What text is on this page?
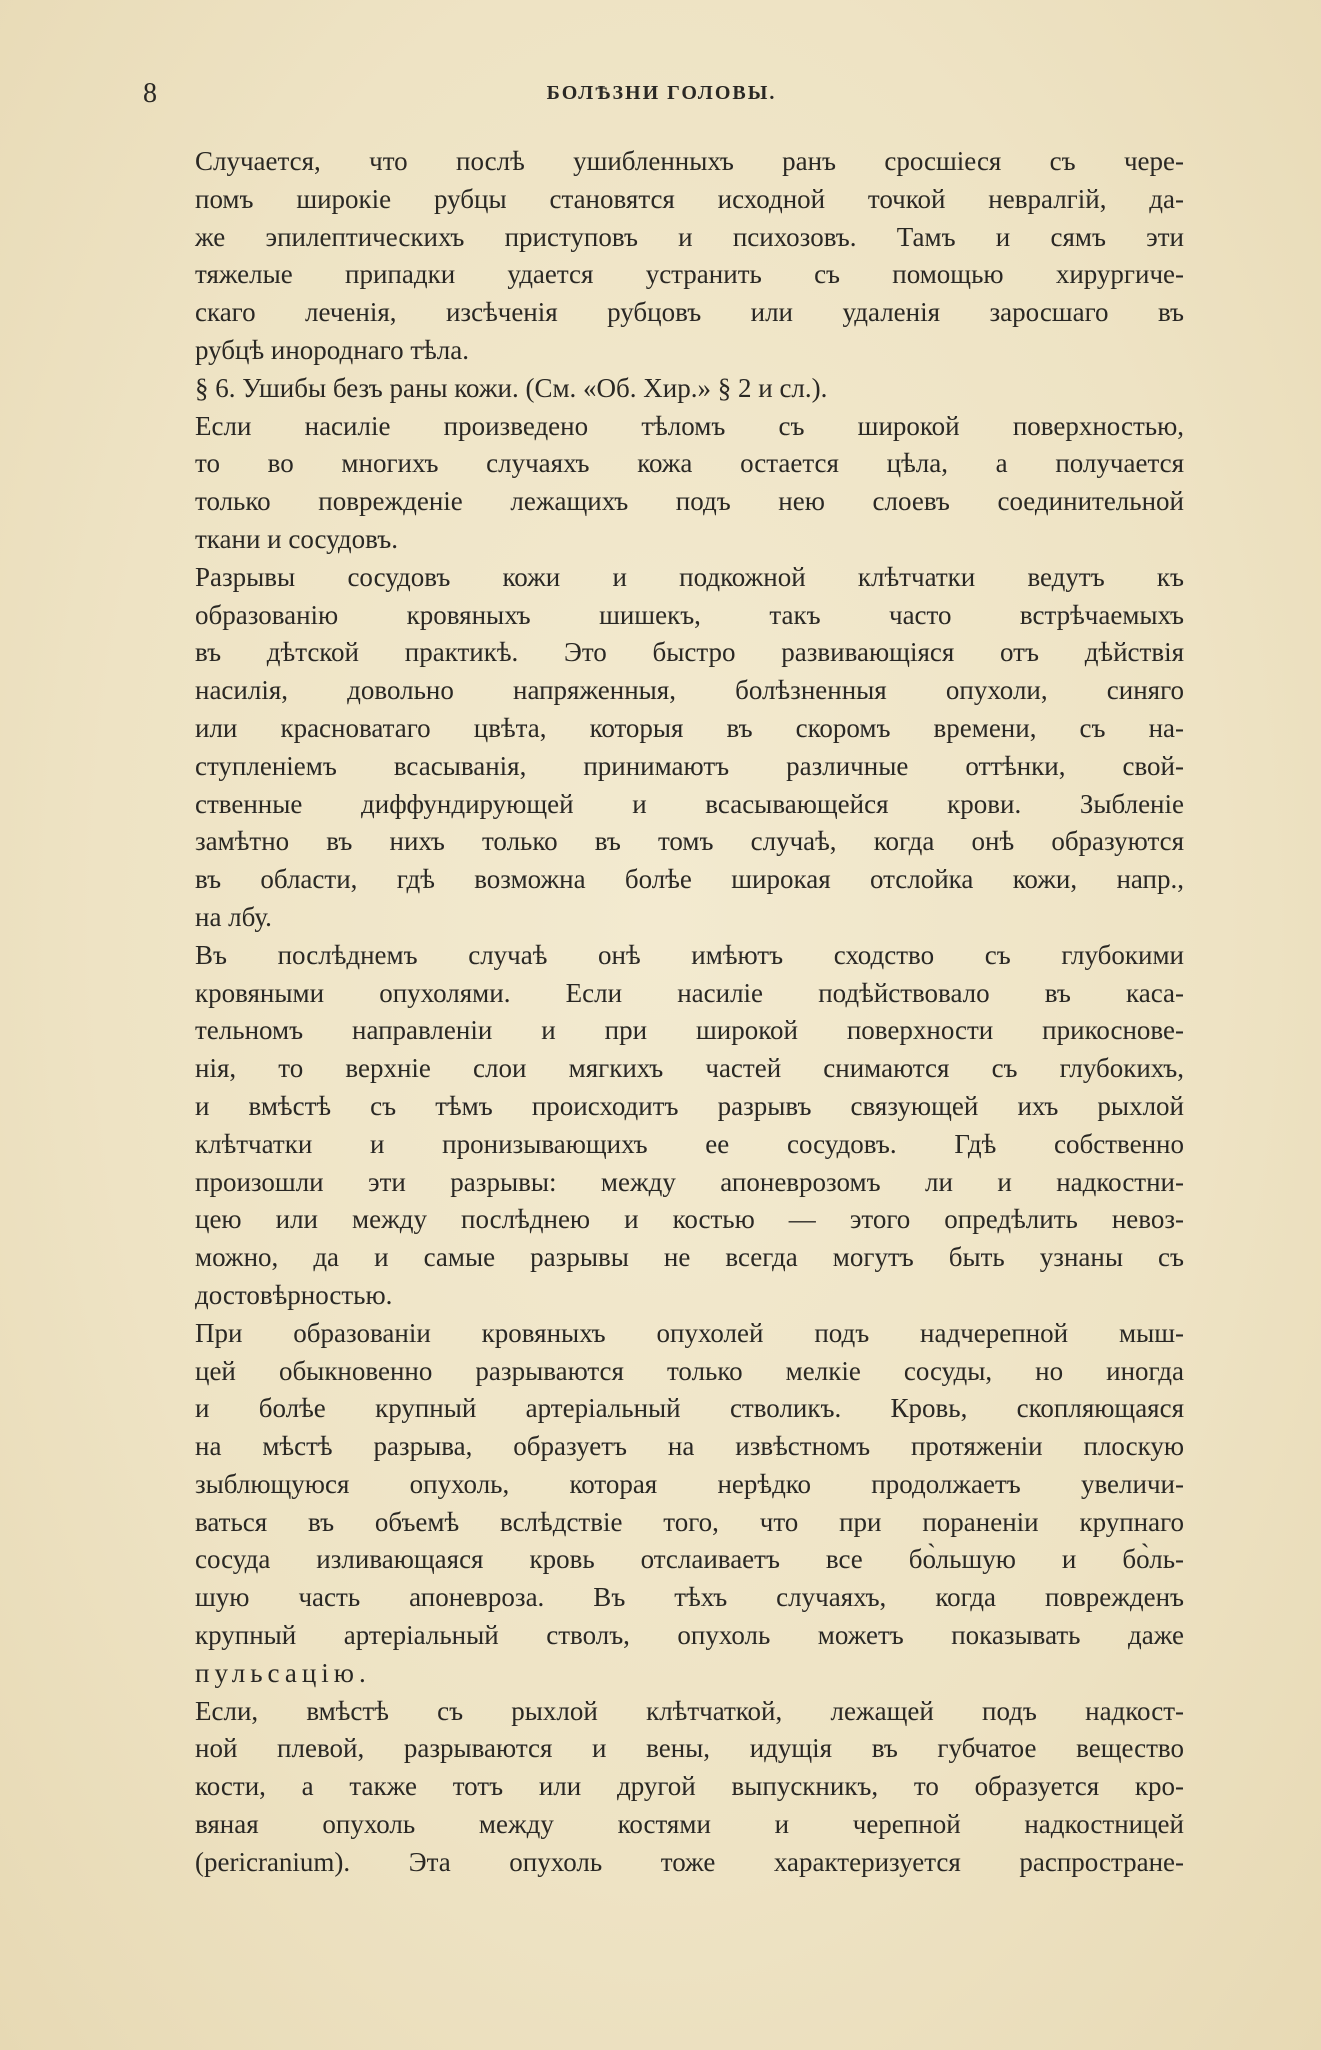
8	БОЛѢЗНИ ГОЛОВЫ.
Случается, что послѣ ушибленныхъ ранъ сросшіеся съ чере-
помъ широкіе рубцы становятся исходной точкой невралгій, да-
же эпилептическихъ приступовъ и психозовъ. Тамъ и сямъ эти
тяжелые припадки удается устранить съ помощью хирургиче-
скаго леченія, изсѣченія рубцовъ или удаленія заросшаго въ
рубцѣ инороднаго тѣла.
§ 6. Ушибы безъ раны кожи. (См. «Об. Хир.» § 2 и сл.).
Если насиліе произведено тѣломъ съ широкой поверхностью,
то во многихъ случаяхъ кожа остается цѣла, а получается
только поврежденіе лежащихъ подъ нею слоевъ соединительной
ткани и сосудовъ.
Разрывы сосудовъ кожи и подкожной клѣтчатки ведутъ къ
образованію кровяныхъ шишекъ, такъ часто встрѣчаемыхъ
въ дѣтской практикѣ. Это быстро развивающіяся отъ дѣйствія
насилія, довольно напряженныя, болѣзненныя опухоли, синяго
или красноватаго цвѣта, которыя въ скоромъ времени, съ на-
ступленіемъ всасыванія, принимаютъ различные оттѣнки, свой-
ственные диффундирующей и всасывающейся крови. Зыбленіе
замѣтно въ нихъ только въ томъ случаѣ, когда онѣ образуются
въ области, гдѣ возможна болѣе широкая отслойка кожи, напр.,
на лбу.
Въ послѣднемъ случаѣ онѣ имѣютъ сходство съ глубокими
кровяными опухолями. Если насиліе подѣйствовало въ каса-
тельномъ направленіи и при широкой поверхности прикоснове-
нія, то верхніе слои мягкихъ частей снимаются съ глубокихъ,
и вмѣстѣ съ тѣмъ происходитъ разрывъ связующей ихъ рыхлой
клѣтчатки и пронизывающихъ ее сосудовъ. Гдѣ собственно
произошли эти разрывы: между апоневрозомъ ли и надкостни-
цею или между послѣднею и костью — этого опредѣлить невоз-
можно, да и самые разрывы не всегда могутъ быть узнаны съ
достовѣрностью.
При образованіи кровяныхъ опухолей подъ надчерепной мыш-
цей обыкновенно разрываются только мелкіе сосуды, но иногда
и болѣе крупный артеріальный стволикъ. Кровь, скопляющаяся
на мѣстѣ разрыва, образуетъ на извѣстномъ протяженіи плоскую
зыблющуюся опухоль, которая нерѣдко продолжаетъ увеличи-
ваться въ объемѣ вслѣдствіе того, что при пораненіи крупнаго
сосуда изливающаяся кровь отслаиваетъ все бо̀льшую и бо̀ль-
шую часть апоневроза. Въ тѣхъ случаяхъ, когда поврежденъ
крупный артеріальный стволъ, опухоль можетъ показывать даже
пульсацію.
Если, вмѣстѣ съ рыхлой клѣтчаткой, лежащей подъ надкост-
ной плевой, разрываются и вены, идущія въ губчатое вещество
кости, а также тотъ или другой выпускникъ, то образуется кро-
вяная опухоль между костями и черепной надкостницей
(pericranium). Эта опухоль тоже характеризуется распростране-
